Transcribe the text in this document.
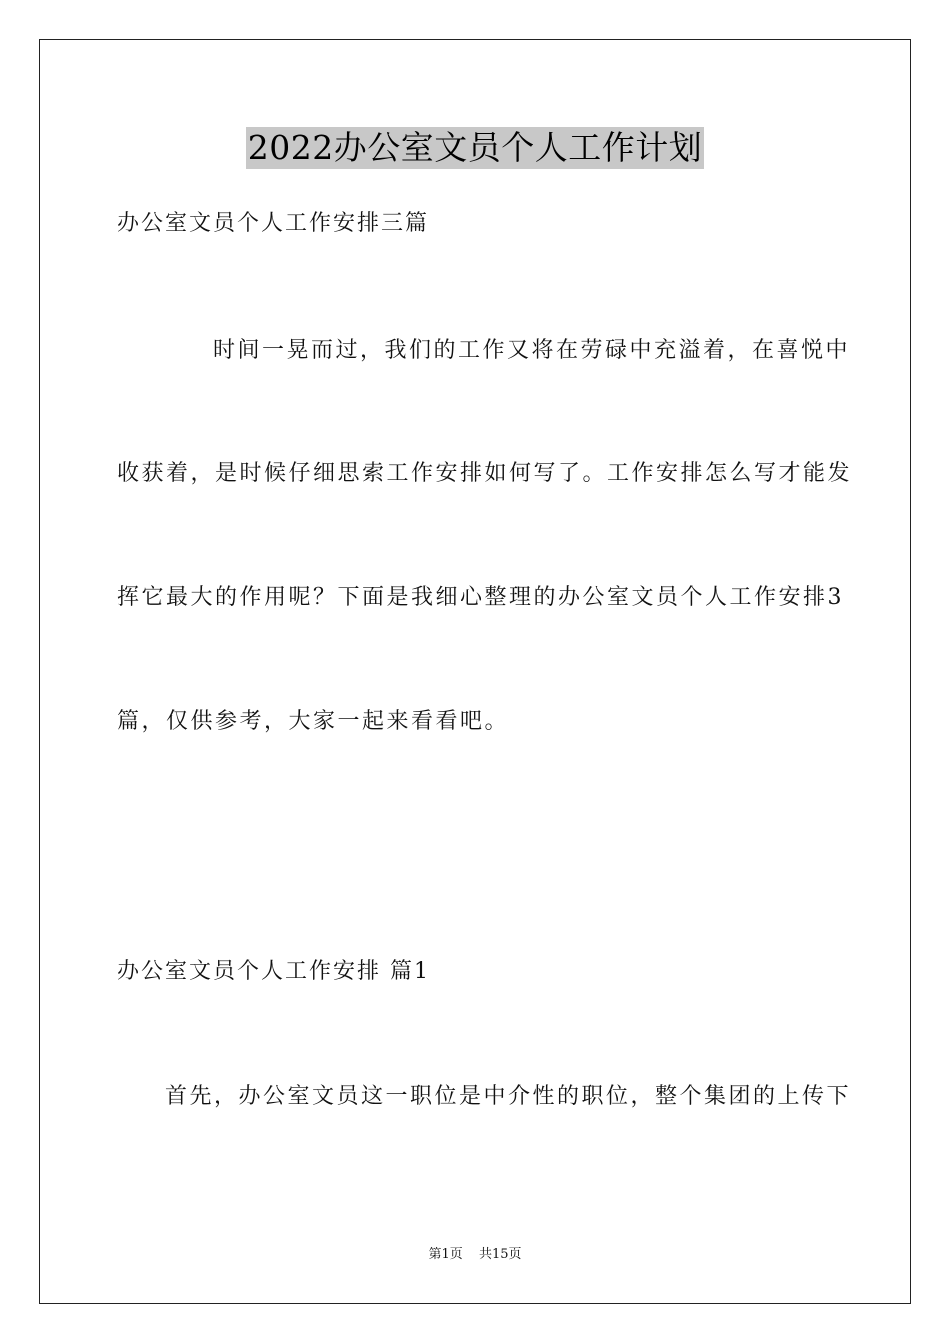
2022办公室文员个人工作计划
办公室文员个人工作安排三篇
时间一晃而过，我们的工作又将在劳碌中充溢着，在喜悦中
收获着，是时候仔细思索工作安排如何写了。工作安排怎么写才能发
挥它最大的作用呢？下面是我细心整理的办公室文员个人工作安排3
篇，仅供参考，大家一起来看看吧。
办公室文员个人工作安排 篇1
首先，办公室文员这一职位是中介性的职位，整个集团的上传下
第1页 共15页
